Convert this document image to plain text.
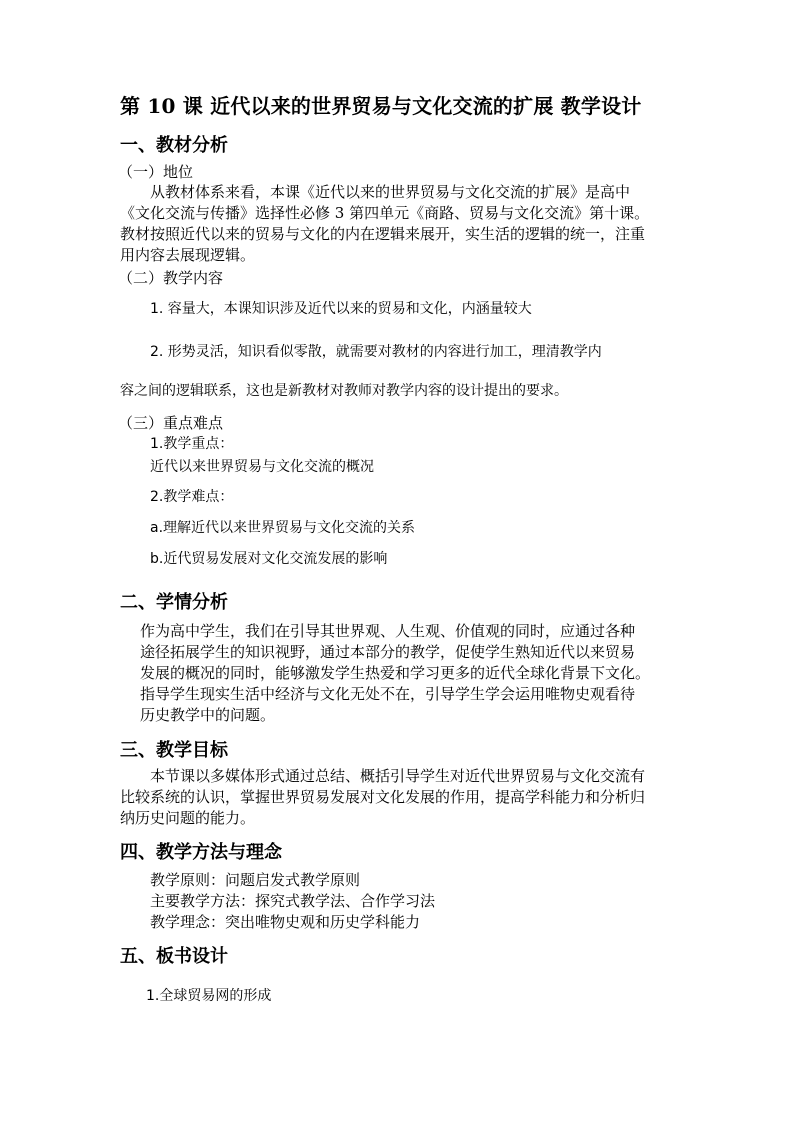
第 10 课 近代以来的世界贸易与文化交流的扩展 教学设计
一、教材分析
（一）地位
从教材体系来看，本课《近代以来的世界贸易与文化交流的扩展》是高中
《文化交流与传播》选择性必修 3 第四单元《商路、贸易与文化交流》第十课。
教材按照近代以来的贸易与文化的内在逻辑来展开，实生活的逻辑的统一，注重
用内容去展现逻辑。
（二）教学内容
1. 容量大，本课知识涉及近代以来的贸易和文化，内涵量较大
2. 形势灵活，知识看似零散，就需要对教材的内容进行加工，理清教学内
容之间的逻辑联系，这也是新教材对教师对教学内容的设计提出的要求。
（三）重点难点
1.教学重点：
近代以来世界贸易与文化交流的概况
2.教学难点：
a.理解近代以来世界贸易与文化交流的关系
b.近代贸易发展对文化交流发展的影响
二、学情分析
作为高中学生，我们在引导其世界观、人生观、价值观的同时，应通过各种
途径拓展学生的知识视野，通过本部分的教学，促使学生熟知近代以来贸易
发展的概况的同时，能够激发学生热爱和学习更多的近代全球化背景下文化。
指导学生现实生活中经济与文化无处不在，引导学生学会运用唯物史观看待
历史教学中的问题。
三、教学目标
本节课以多媒体形式通过总结、概括引导学生对近代世界贸易与文化交流有
比较系统的认识，掌握世界贸易发展对文化发展的作用，提高学科能力和分析归
纳历史问题的能力。
四、教学方法与理念
教学原则：问题启发式教学原则
主要教学方法：探究式教学法、合作学习法
教学理念：突出唯物史观和历史学科能力
五、板书设计
1.全球贸易网的形成
